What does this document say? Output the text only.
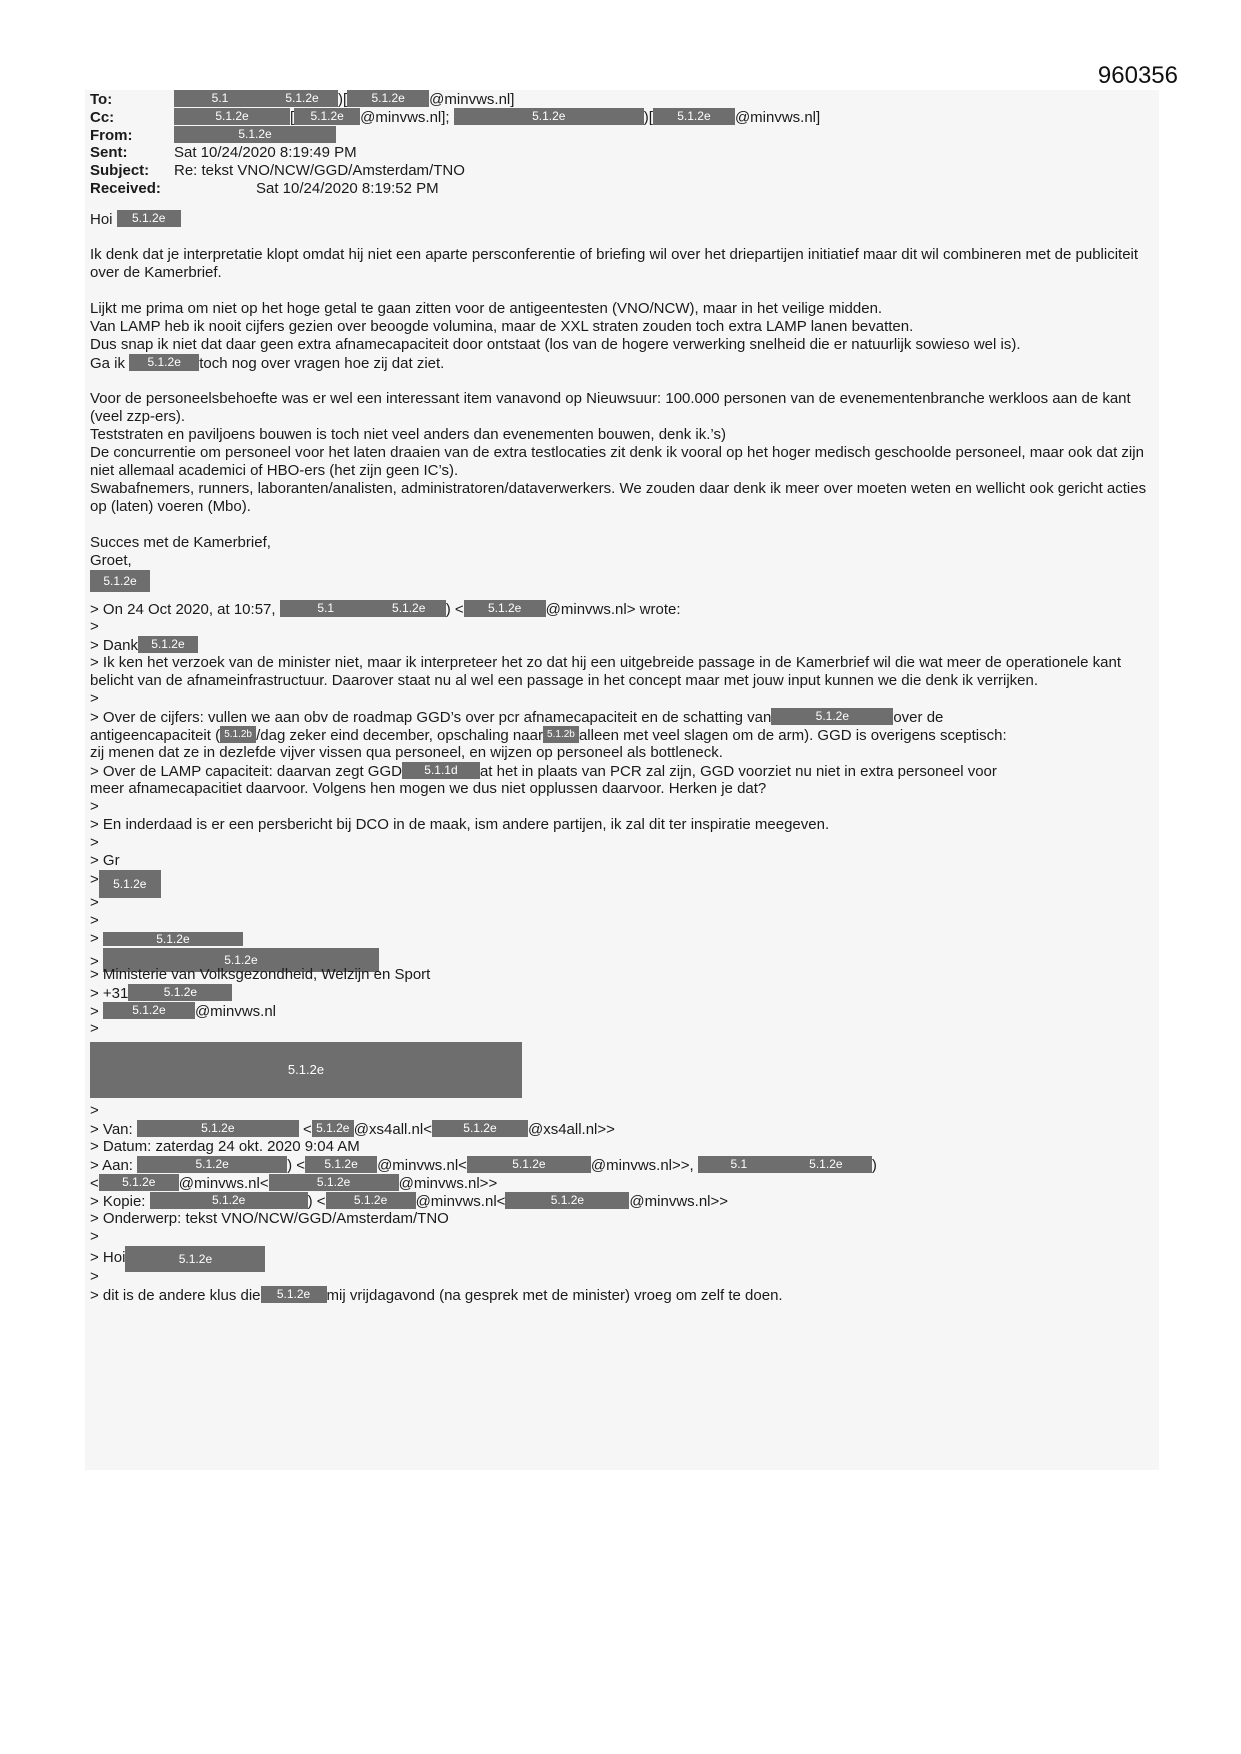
960356
To:	5.1	5.1.2e )[ 5.1.2e @minvws.nl]
Cc:	5.1.2e	[ 5.1.2e @minvws.nl];	5.1.2e	)[ 5.1.2e @minvws.nl]
From:	5.1.2e
Sent:	Sat 10/24/2020 8:19:49 PM
Subject: Re: tekst VNO/NCW/GGD/Amsterdam/TNO
Received:	Sat 10/24/2020 8:19:52 PM
Hoi 5.1.2e
Ik denk dat je interpretatie klopt omdat hij niet een aparte persconferentie of briefing wil over het driepartijen initiatief maar dit wil combineren met de publiciteit over de Kamerbrief.
Lijkt me prima om niet op het hoge getal te gaan zitten voor de antigeentesten (VNO/NCW), maar in het veilige midden.
Van LAMP heb ik nooit cijfers gezien over beoogde volumina, maar de XXL straten zouden toch extra LAMP lanen bevatten.
Dus snap ik niet dat daar geen extra afnamecapaciteit door ontstaat (los van de hogere verwerking snelheid die er natuurlijk sowieso wel is).
Ga ik 5.1.2e toch nog over vragen hoe zij dat ziet.
Voor de personeelsbehoefte was er wel een interessant item vanavond op Nieuwsuur: 100.000 personen van de evenementenbranche werkloos aan de kant (veel zzp-ers).
Teststraten en paviljoens bouwen is toch niet veel anders dan evenementen bouwen, denk ik.’s)
De concurrentie om personeel voor het laten draaien van de extra testlocaties zit denk ik vooral op het hoger medisch geschoolde personeel, maar ook dat zijn niet allemaal academici of HBO-ers (het zijn geen IC’s).
Swabafnemers, runners, laboranten/analisten, administratoren/dataverwerkers. We zouden daar denk ik meer over moeten weten en wellicht ook gericht acties op (laten) voeren (Mbo).
Succes met de Kamerbrief,
Groet,
5.1.2e
> On 24 Oct 2020, at 10:57,	5.1	5.1.2e ) < 5.1.2e @minvws.nl> wrote:
>
> Dank 5.1.2e
> Ik ken het verzoek van de minister niet, maar ik interpreteer het zo dat hij een uitgebreide passage in de Kamerbrief wil die wat meer de operationele kant belicht van de afnameinfrastructuur. Daarover staat nu al wel een passage in het concept maar met jouw input kunnen we die denk ik verrijken.
>
> Over de cijfers: vullen we aan obv de roadmap GGD’s over pcr afnamecapaciteit en de schatting van	5.1.2e	over de
antigeencapaciteit ( 5.1.2b /dag zeker eind december, opschaling naar 5.1.2b alleen met veel slagen om de arm). GGD is overigens sceptisch:
zij menen dat ze in dezlefde vijver vissen qua personeel, en wijzen op personeel als bottleneck.
> Over de LAMP capaciteit: daarvan zegt GGD 5.1.1d at het in plaats van PCR zal zijn, GGD voorziet nu niet in extra personeel voor
meer afnamecapacitiet daarvoor. Volgens hen mogen we dus niet opplussen daarvoor. Herken je dat?
>
> En inderdaad is er een persbericht bij DCO in de maak, ism andere partijen, ik zal dit ter inspiratie meegeven.
>
> Gr
> 5.1.2e
>
>
>	5.1.2e
>	5.1.2e
> Ministerie van Volksgezondheid, Welzijn en Sport
> +31	5.1.2e
>	5.1.2e @minvws.nl
>
5.1.2e
>
> Van:	5.1.2e	< 5.1.2e @xs4all.nl<	5.1.2e @xs4all.nl>>
> Datum: zaterdag 24 okt. 2020 9:04 AM
> Aan:	5.1.2e	) < 5.1.2e @minvws.nl<	5.1.2e	@minvws.nl>>,	5.1	5.1.2e )
< 5.1.2e @minvws.nl<	5.1.2e	@minvws.nl>>
> Kopie:	5.1.2e	) < 5.1.2e @minvws.nl<	5.1.2e	@minvws.nl>>
> Onderwerp: tekst VNO/NCW/GGD/Amsterdam/TNO
>
> Hoi	5.1.2e
>
> dit is de andere klus die 5.1.2e mij vrijdagavond (na gesprek met de minister) vroeg om zelf te doen.
